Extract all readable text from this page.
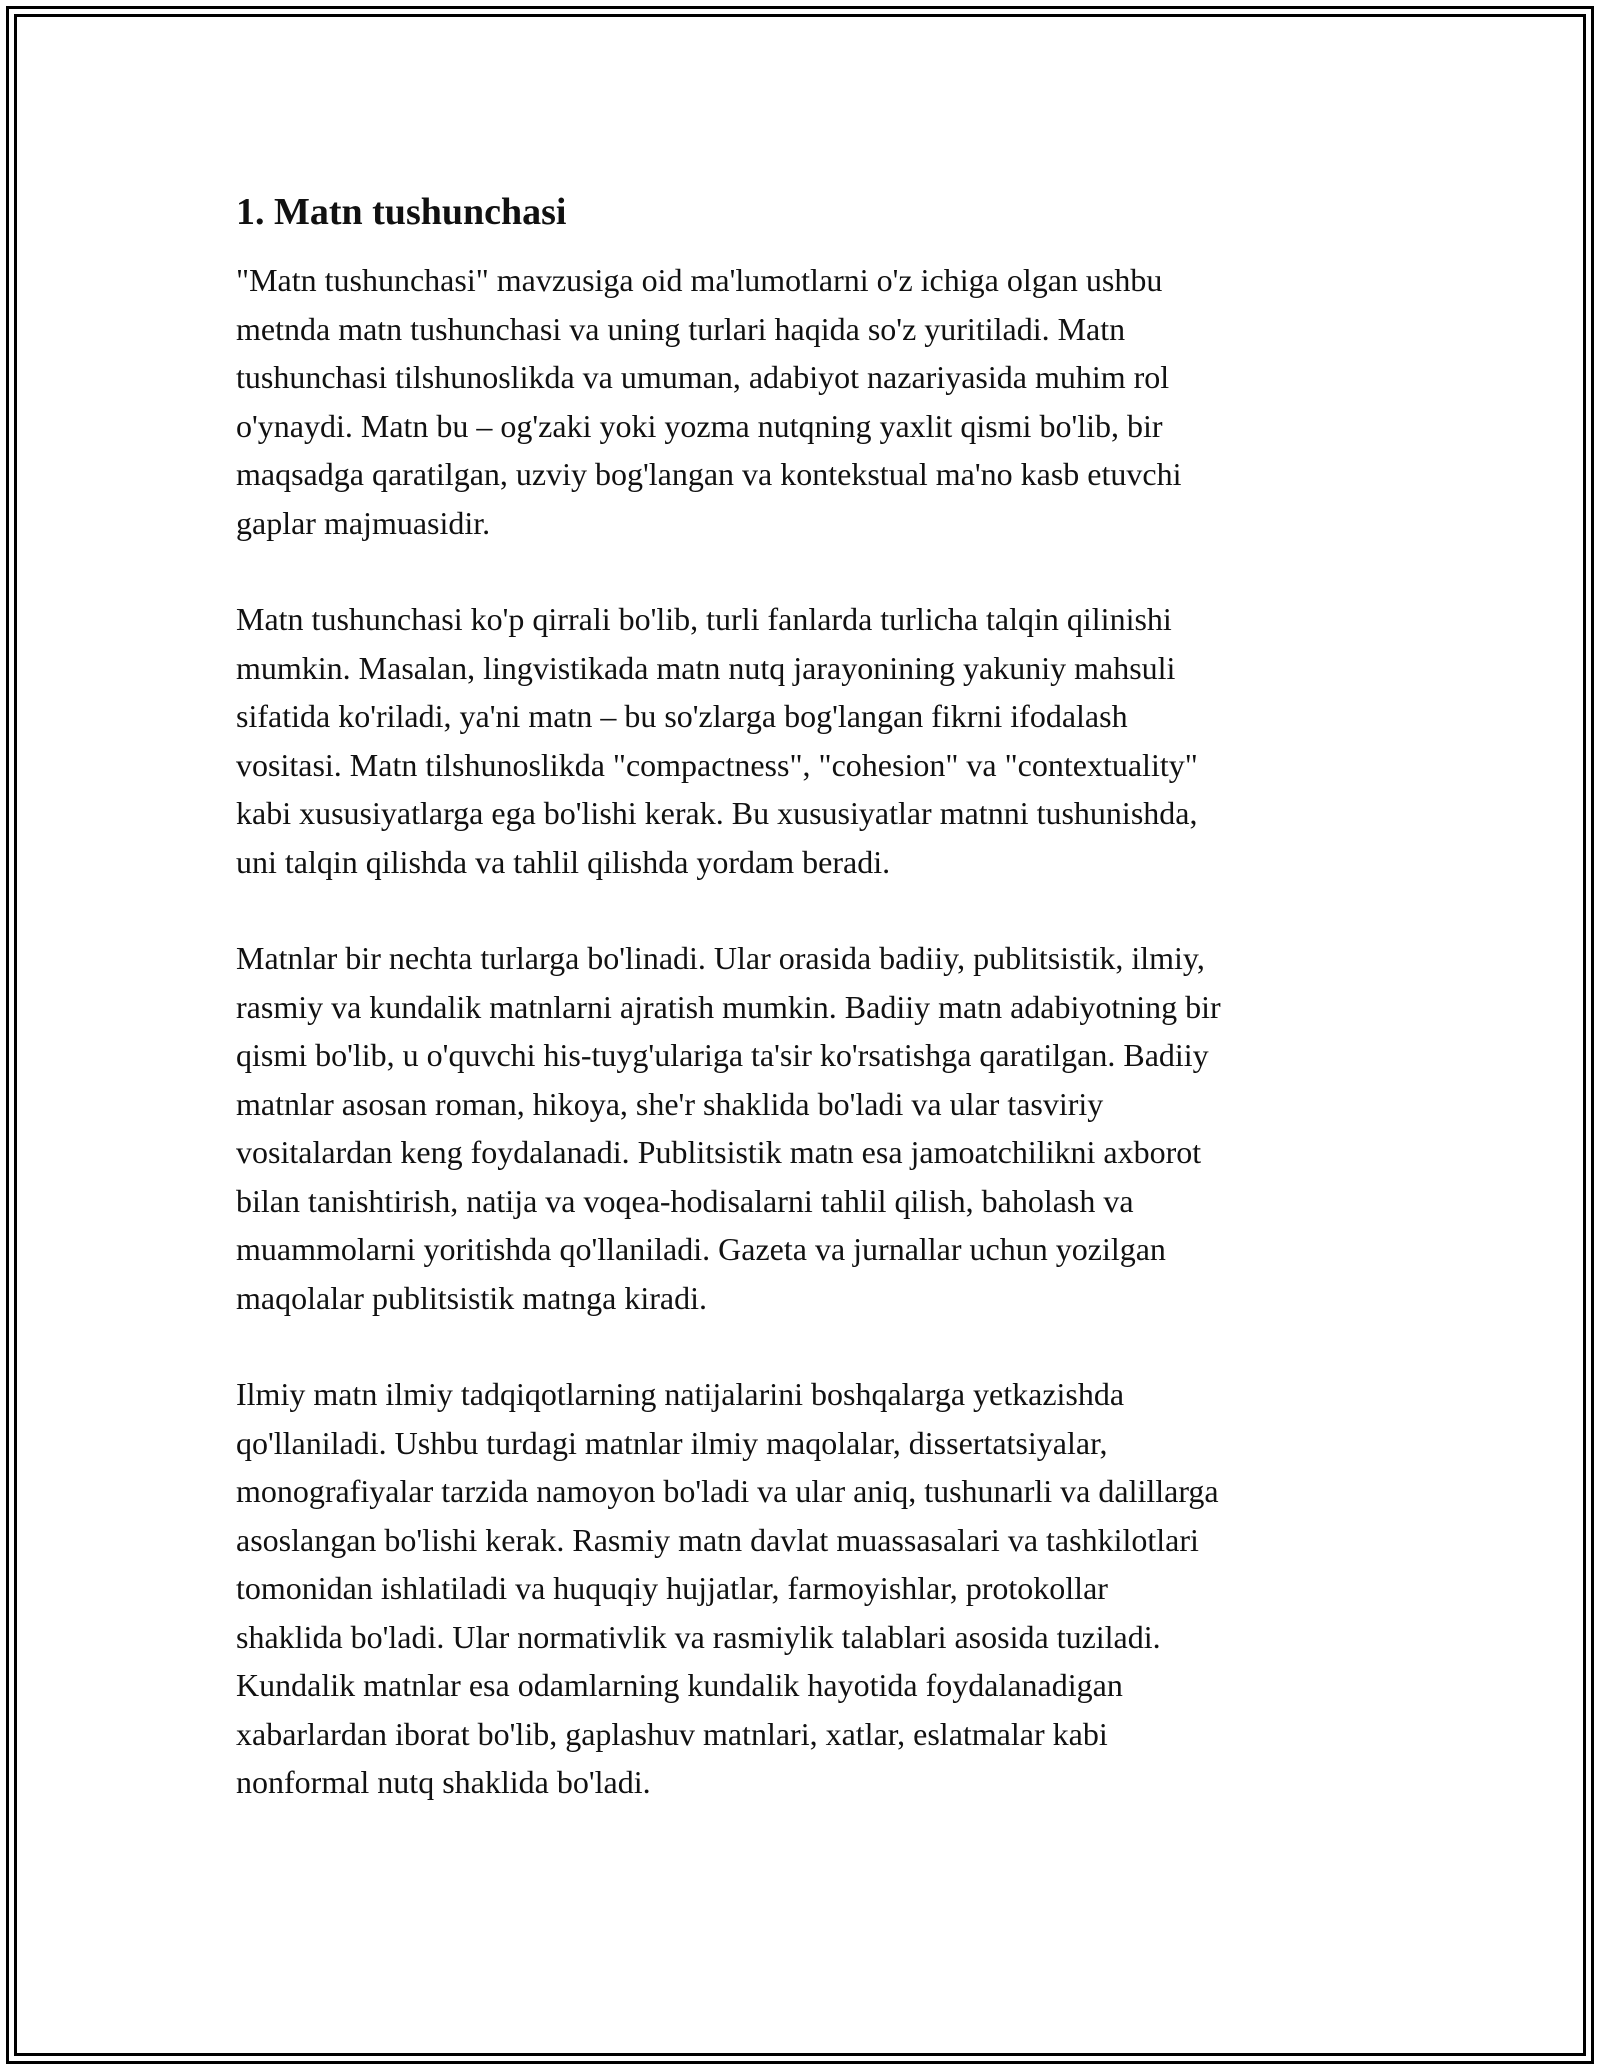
1. Matn tushunchasi

"Matn tushunchasi" mavzusiga oid ma'lumotlarni o'z ichiga olgan ushbu
metnda matn tushunchasi va uning turlari haqida so'z yuritiladi. Matn
tushunchasi tilshunoslikda va umuman, adabiyot nazariyasida muhim rol
o'ynaydi. Matn bu – og'zaki yoki yozma nutqning yaxlit qismi bo'lib, bir
maqsadga qaratilgan, uzviy bog'langan va kontekstual ma'no kasb etuvchi
gaplar majmuasidir.

Matn tushunchasi ko'p qirrali bo'lib, turli fanlarda turlicha talqin qilinishi
mumkin. Masalan, lingvistikada matn nutq jarayonining yakuniy mahsuli
sifatida ko'riladi, ya'ni matn – bu so'zlarga bog'langan fikrni ifodalash
vositasi. Matn tilshunoslikda "compactness", "cohesion" va "contextuality"
kabi xususiyatlarga ega bo'lishi kerak. Bu xususiyatlar matnni tushunishda,
uni talqin qilishda va tahlil qilishda yordam beradi.

Matnlar bir nechta turlarga bo'linadi. Ular orasida badiiy, publitsistik, ilmiy,
rasmiy va kundalik matnlarni ajratish mumkin. Badiiy matn adabiyotning bir
qismi bo'lib, u o'quvchi his-tuyg'ulariga ta'sir ko'rsatishga qaratilgan. Badiiy
matnlar asosan roman, hikoya, she'r shaklida bo'ladi va ular tasviriy
vositalardan keng foydalanadi. Publitsistik matn esa jamoatchilikni axborot
bilan tanishtirish, natija va voqea-hodisalarni tahlil qilish, baholash va
muammolarni yoritishda qo'llaniladi. Gazeta va jurnallar uchun yozilgan
maqolalar publitsistik matnga kiradi.

Ilmiy matn ilmiy tadqiqotlarning natijalarini boshqalarga yetkazishda
qo'llaniladi. Ushbu turdagi matnlar ilmiy maqolalar, dissertatsiyalar,
monografiyalar tarzida namoyon bo'ladi va ular aniq, tushunarli va dalillarga
asoslangan bo'lishi kerak. Rasmiy matn davlat muassasalari va tashkilotlari
tomonidan ishlatiladi va huquqiy hujjatlar, farmoyishlar, protokollar
shaklida bo'ladi. Ular normativlik va rasmiylik talablari asosida tuziladi.
Kundalik matnlar esa odamlarning kundalik hayotida foydalanadigan
xabarlardan iborat bo'lib, gaplashuv matnlari, xatlar, eslatmalar kabi
nonformal nutq shaklida bo'ladi.
